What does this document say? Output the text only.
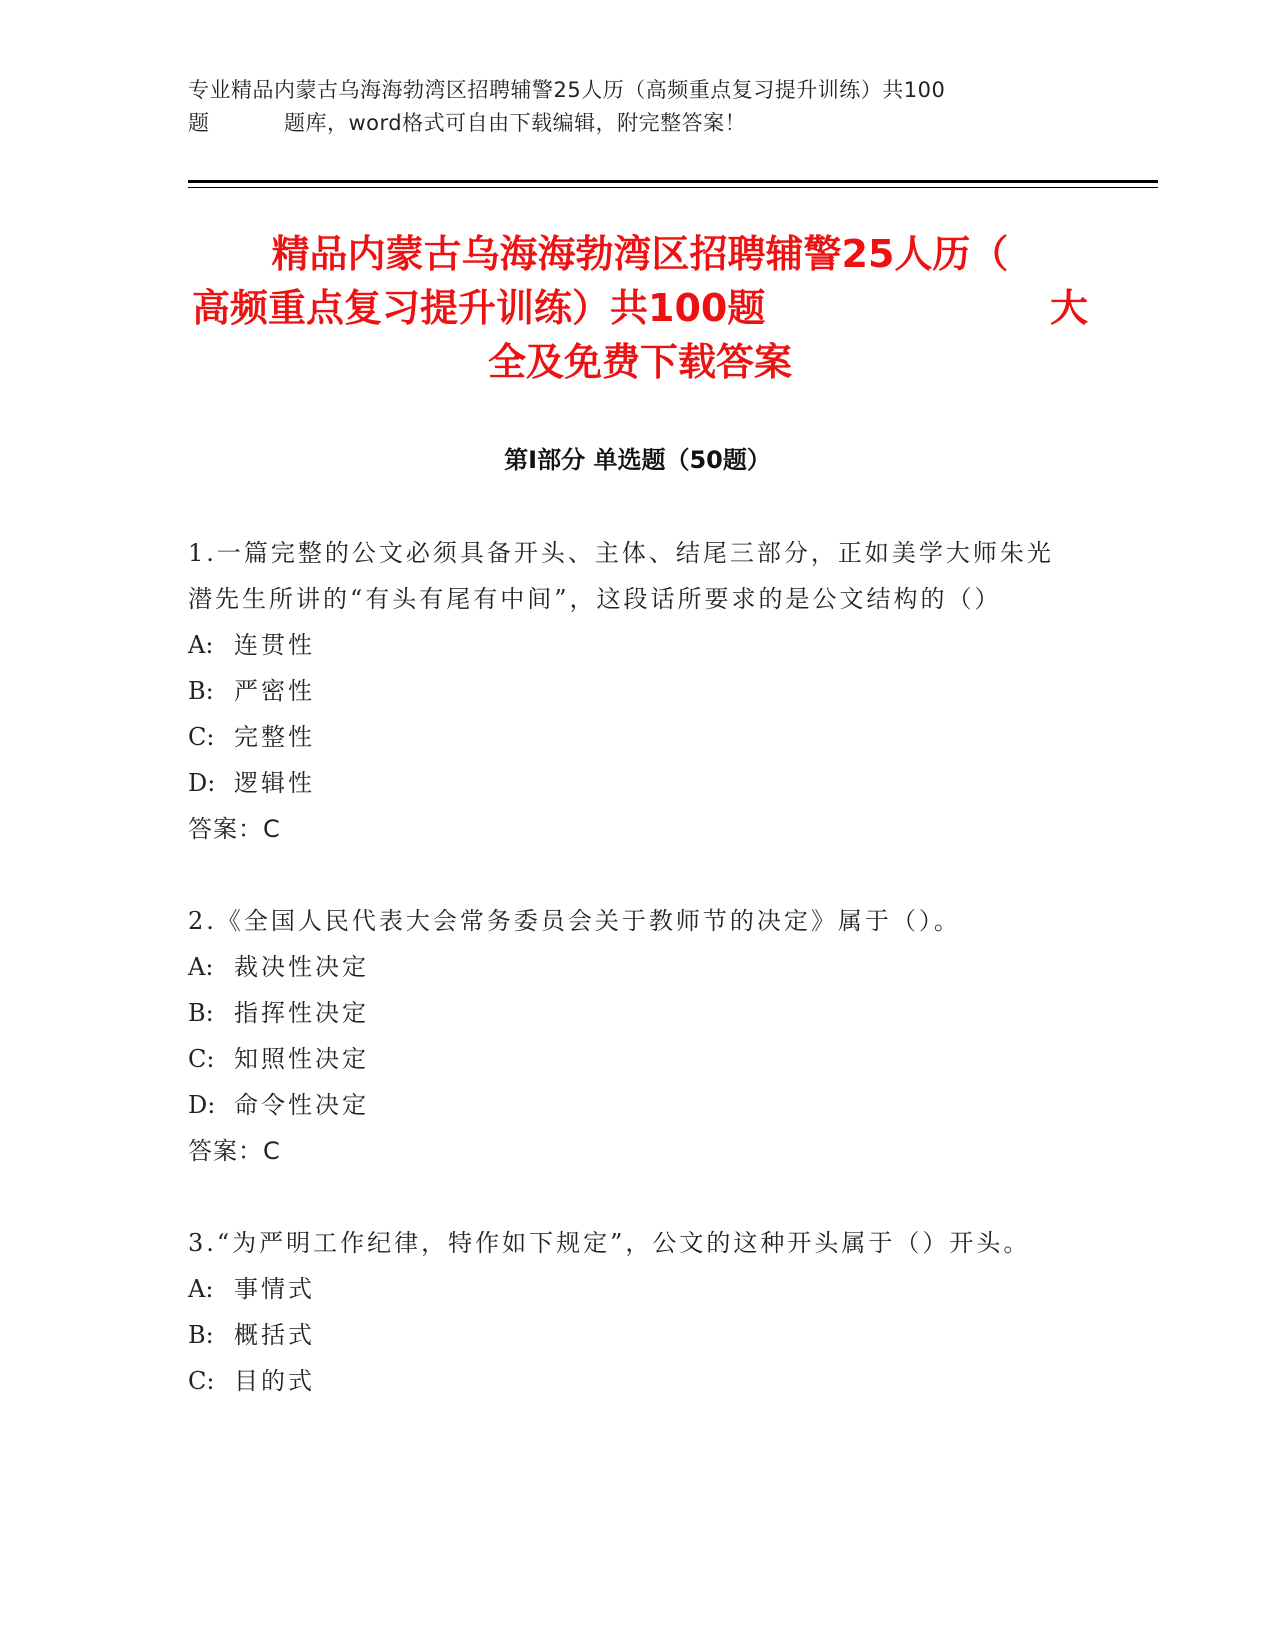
专业精品内蒙古乌海海勃湾区招聘辅警25人历（高频重点复习提升训练）共100
题	题库，word格式可自由下载编辑，附完整答案！
精品内蒙古乌海海勃湾区招聘辅警25人历（
高频重点复习提升训练）共100题	大
全及免费下载答案
第I部分 单选题（50题）
1.一篇完整的公文必须具备开头、主体、结尾三部分，正如美学大师朱光潜先生所讲的“有头有尾有中间”，这段话所要求的是公文结构的（）
A: 连贯性
B: 严密性
C: 完整性
D: 逻辑性
答案：C
2.《全国人民代表大会常务委员会关于教师节的决定》属于（）。
A: 裁决性决定
B: 指挥性决定
C: 知照性决定
D: 命令性决定
答案：C
3.“为严明工作纪律，特作如下规定”，公文的这种开头属于（）开头。
A: 事情式
B: 概括式
C: 目的式
